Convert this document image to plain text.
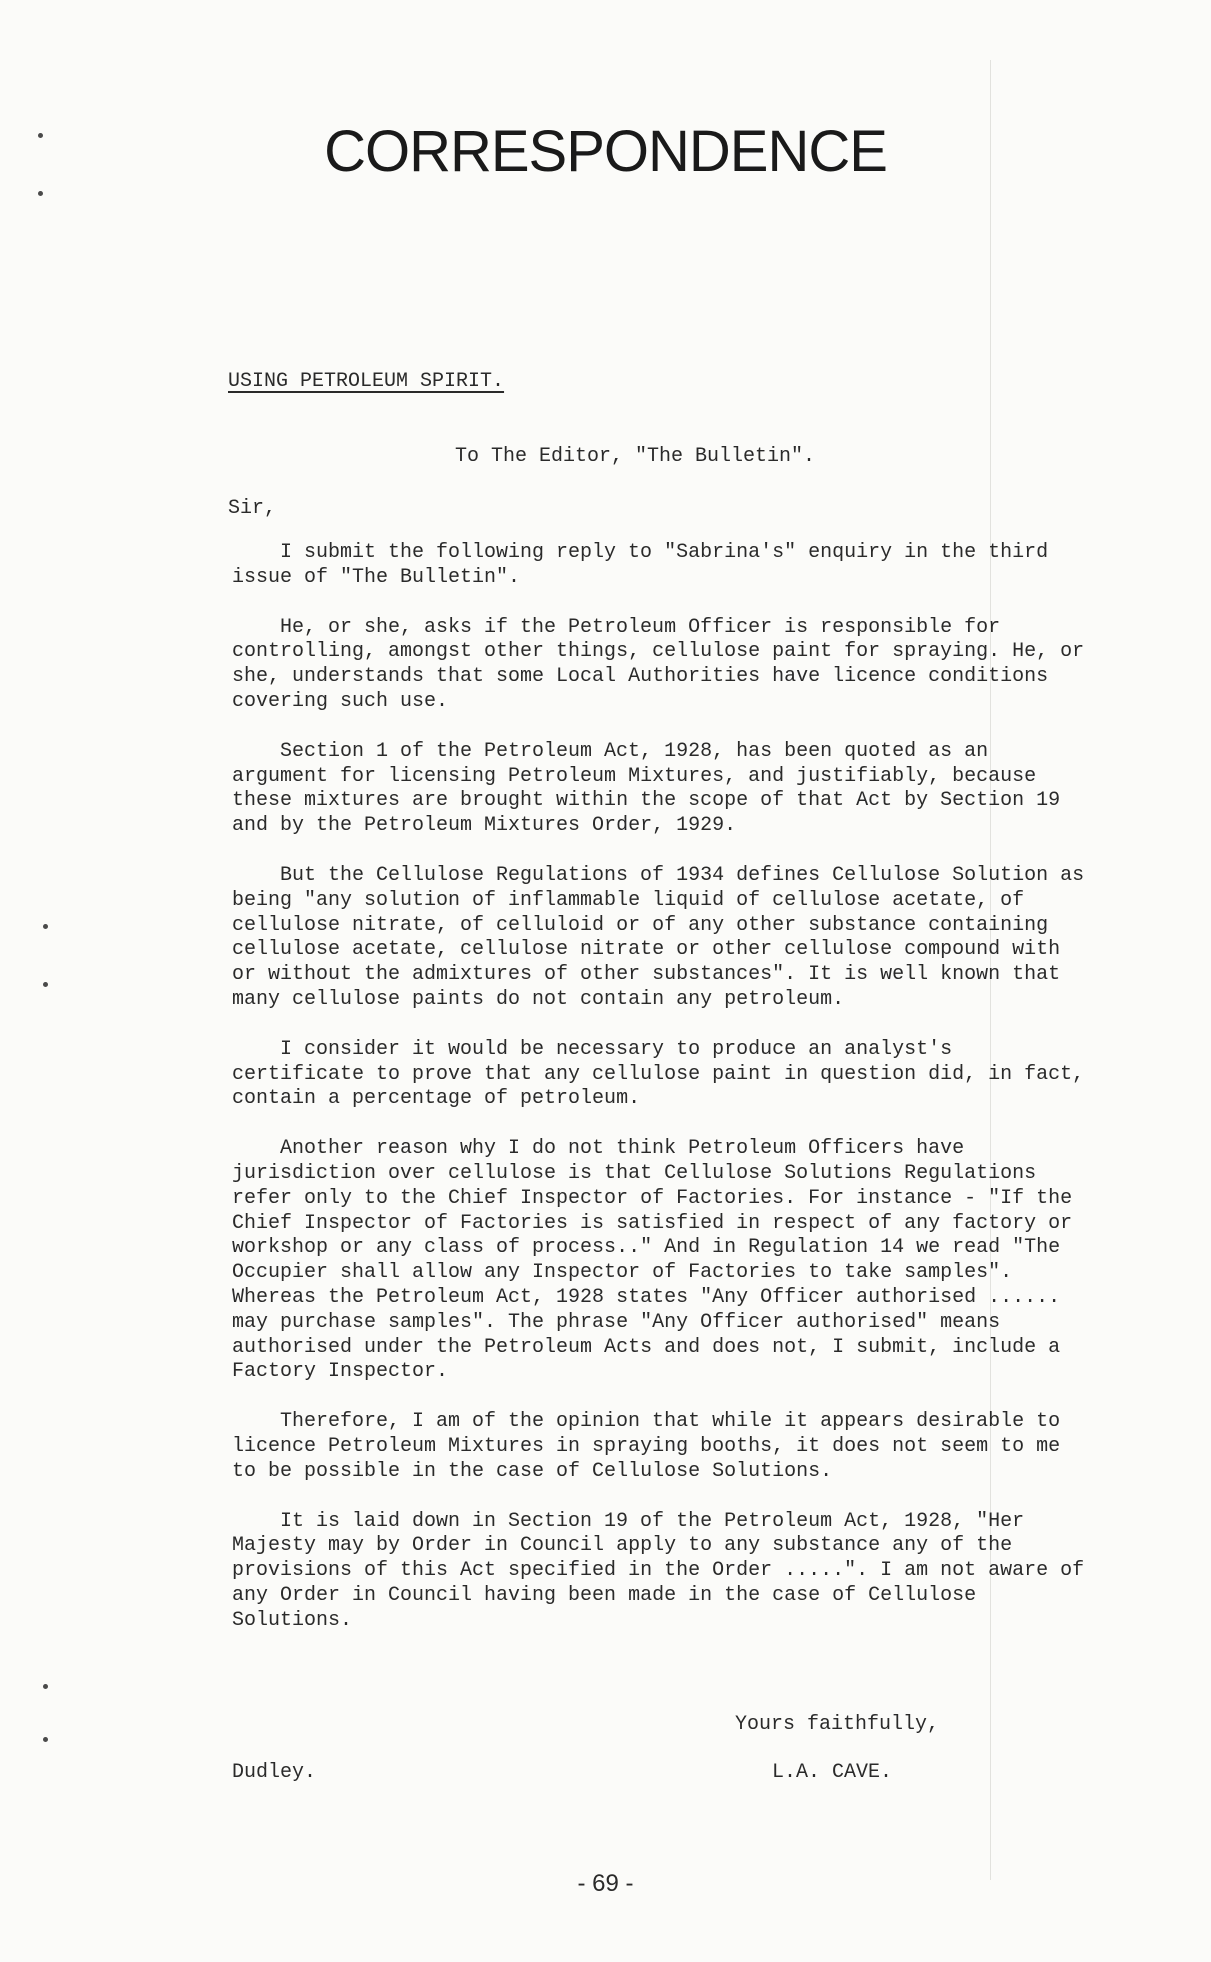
CORRESPONDENCE
USING PETROLEUM SPIRIT.
To The Editor, "The Bulletin".
Sir,

I submit the following reply to "Sabrina's" enquiry in the third issue of "The Bulletin".

He, or she, asks if the Petroleum Officer is responsible for controlling, amongst other things, cellulose paint for spraying. He, or she, understands that some Local Authorities have licence conditions covering such use.

Section 1 of the Petroleum Act, 1928, has been quoted as an argument for licensing Petroleum Mixtures, and justifiably, because these mixtures are brought within the scope of that Act by Section 19 and by the Petroleum Mixtures Order, 1929.

But the Cellulose Regulations of 1934 defines Cellulose Solution as being "any solution of inflammable liquid of cellulose acetate, of cellulose nitrate, of celluloid or of any other substance containing cellulose acetate, cellulose nitrate or other cellulose compound with or without the admixtures of other substances". It is well known that many cellulose paints do not contain any petroleum.

I consider it would be necessary to produce an analyst's certificate to prove that any cellulose paint in question did, in fact, contain a percentage of petroleum.

Another reason why I do not think Petroleum Officers have jurisdiction over cellulose is that Cellulose Solutions Regulations refer only to the Chief Inspector of Factories. For instance - "If the Chief Inspector of Factories is satisfied in respect of any factory or workshop or any class of process.." And in Regulation 14 we read "The Occupier shall allow any Inspector of Factories to take samples". Whereas the Petroleum Act, 1928 states "Any Officer authorised ...... may purchase samples". The phrase "Any Officer authorised" means authorised under the Petroleum Acts and does not, I submit, include a Factory Inspector.

Therefore, I am of the opinion that while it appears desirable to licence Petroleum Mixtures in spraying booths, it does not seem to me to be possible in the case of Cellulose Solutions.

It is laid down in Section 19 of the Petroleum Act, 1928, "Her Majesty may by Order in Council apply to any substance any of the provisions of this Act specified in the Order .....". I am not aware of any Order in Council having been made in the case of Cellulose Solutions.

Yours faithfully,
Dudley.	L.A. CAVE.
- 69 -
